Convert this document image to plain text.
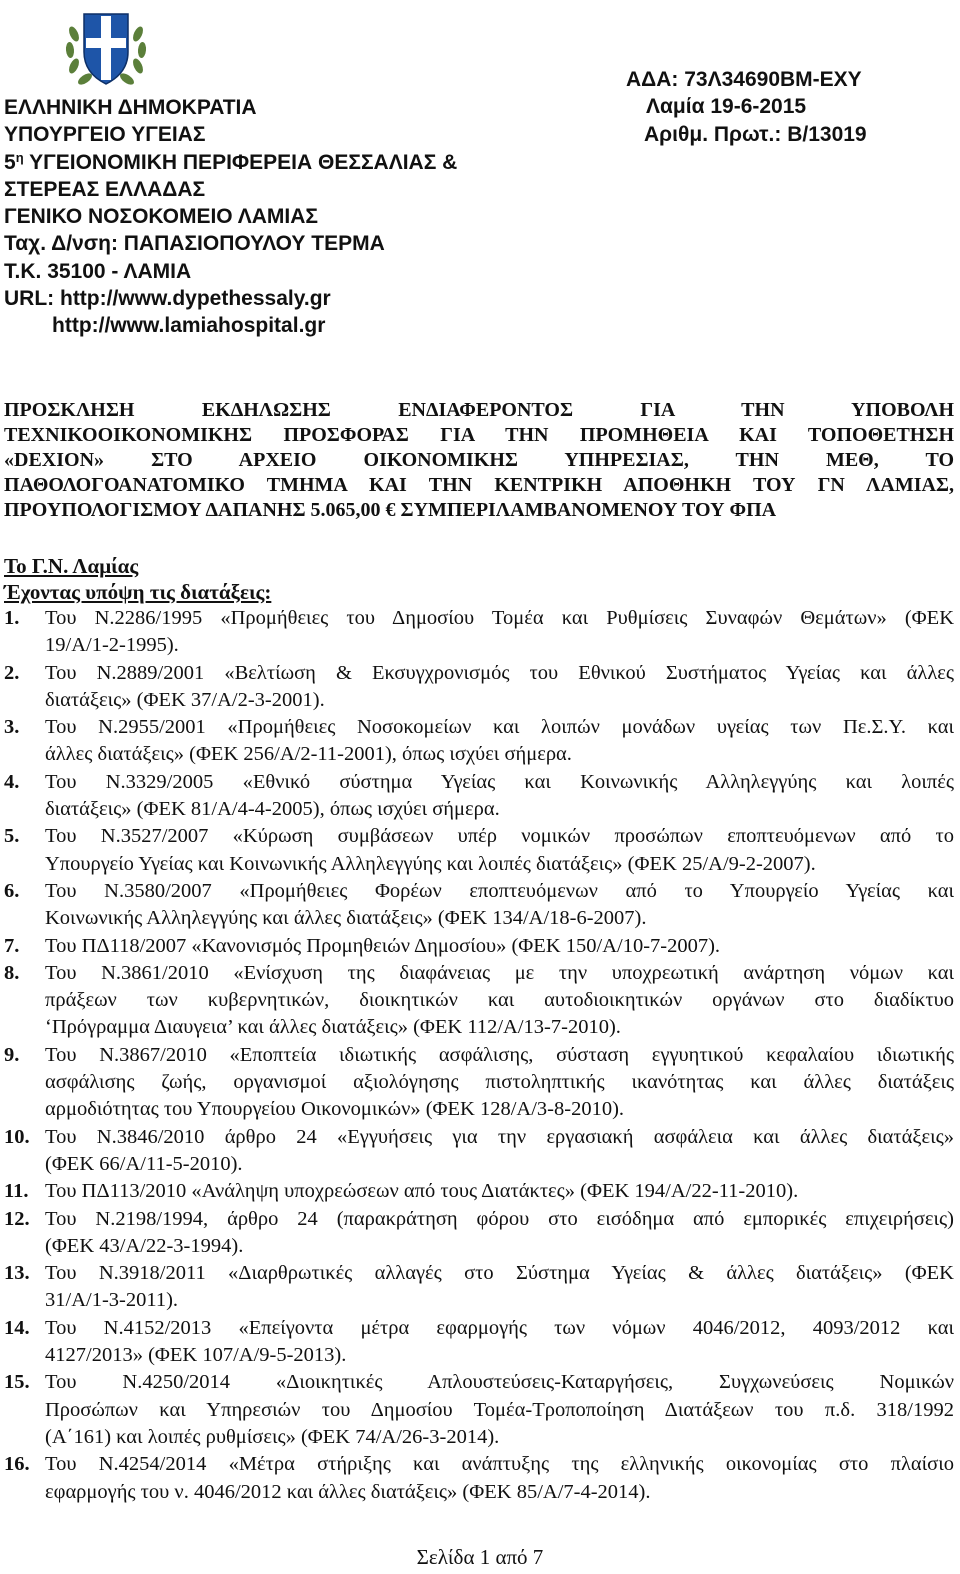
ΕΛΛΗΝΙΚΗ ΔΗΜΟΚΡΑΤΙΑ
ΥΠΟΥΡΓΕΙΟ ΥΓΕΙΑΣ
$5^\eta$ ΥΓΕΙΟΝΟΜΙΚΗ ΠΕΡΙΦΕΡΕΙΑ ΘΕΣΣΑΛΙΑΣ &
ΣΤΕΡΕΑΣ ΕΛΛΑΔΑΣ
ΓΕΝΙΚΟ ΝΟΣΟΚΟΜΕΙΟ ΛΑΜΙΑΣ
Ταχ. Δ/νση: ΠΑΠΑΣΙΟΠΟΥΛΟΥ ΤΕΡΜΑ
Τ.Κ. 35100 - ΛΑΜΙΑ
URL: http://www.dypethessaly.gr
http://www.lamiahospital.gr
ΑΔΑ: 73Λ34690ΒΜ-ΕΧΥ
Λαμία 19-6-2015
Αριθμ. Πρωτ.: Β/13019
ΠΡΟΣΚΛΗΣΗ ΕΚΔΗΛΩΣΗΣ ΕΝΔΙΑΦΕΡΟΝΤΟΣ ΓΙΑ ΤΗΝ ΥΠΟΒΟΛΗ
ΤΕΧΝΙΚΟΟΙΚΟΝΟΜΙΚΗΣ ΠΡΟΣΦΟΡΑΣ ΓΙΑ ΤΗΝ ΠΡΟΜΗΘΕΙΑ ΚΑΙ ΤΟΠΟΘΕΤΗΣΗ
«DEXION» ΣΤΟ ΑΡΧΕΙΟ ΟΙΚΟΝΟΜΙΚΗΣ ΥΠΗΡΕΣΙΑΣ, ΤΗΝ ΜΕΘ, ΤΟ
ΠΑΘΟΛΟΓΟΑΝΑΤΟΜΙΚΟ ΤΜΗΜΑ ΚΑΙ ΤΗΝ ΚΕΝΤΡΙΚΗ ΑΠΟΘΗΚΗ ΤΟΥ ΓΝ ΛΑΜΙΑΣ,
ΠΡΟΥΠΟΛΟΓΙΣΜΟΥ ΔΑΠΑΝΗΣ 5.065,00 € ΣΥΜΠΕΡΙΛΑΜΒΑΝΟΜΕΝΟΥ ΤΟΥ ΦΠΑ
Το Γ.Ν. Λαμίας
Έχοντας υπόψη τις διατάξεις:
1. Του Ν.2286/1995 «Προμήθειες του Δημοσίου Τομέα και Ρυθμίσεις Συναφών Θεμάτων» (ΦΕΚ
19/Α/1-2-1995).
2. Του Ν.2889/2001 «Βελτίωση & Εκσυγχρονισμός του Εθνικού Συστήματος Υγείας και άλλες
διατάξεις» (ΦΕΚ 37/Α/2-3-2001).
3. Του Ν.2955/2001 «Προμήθειες Νοσοκομείων και λοιπών μονάδων υγείας των Πε.Σ.Υ. και
άλλες διατάξεις» (ΦΕΚ 256/Α/2-11-2001), όπως ισχύει σήμερα.
4. Του Ν.3329/2005 «Εθνικό σύστημα Υγείας και Κοινωνικής Αλληλεγγύης και λοιπές
διατάξεις» (ΦΕΚ 81/Α/4-4-2005), όπως ισχύει σήμερα.
5. Του Ν.3527/2007 «Κύρωση συμβάσεων υπέρ νομικών προσώπων εποπτευόμενων από το
Υπουργείο Υγείας και Κοινωνικής Αλληλεγγύης και λοιπές διατάξεις» (ΦΕΚ 25/Α/9-2-2007).
6. Του Ν.3580/2007 «Προμήθειες Φορέων εποπτευόμενων από το Υπουργείο Υγείας και
Κοινωνικής Αλληλεγγύης και άλλες διατάξεις» (ΦΕΚ 134/Α/18-6-2007).
7. Του ΠΔ118/2007 «Κανονισμός Προμηθειών Δημοσίου» (ΦΕΚ 150/Α/10-7-2007).
8. Του Ν.3861/2010 «Ενίσχυση της διαφάνειας με την υποχρεωτική ανάρτηση νόμων και
πράξεων των κυβερνητικών, διοικητικών και αυτοδιοικητικών οργάνων στο διαδίκτυο
‘Πρόγραμμα Διαυγεια’ και άλλες διατάξεις» (ΦΕΚ 112/Α/13-7-2010).
9. Του Ν.3867/2010 «Εποπτεία ιδιωτικής ασφάλισης, σύσταση εγγυητικού κεφαλαίου ιδιωτικής
ασφάλισης ζωής, οργανισμοί αξιολόγησης πιστοληπτικής ικανότητας και άλλες διατάξεις
αρμοδιότητας του Υπουργείου Οικονομικών» (ΦΕΚ 128/Α/3-8-2010).
10. Του Ν.3846/2010 άρθρο 24 «Εγγυήσεις για την εργασιακή ασφάλεια και άλλες διατάξεις»
(ΦΕΚ 66/Α/11-5-2010).
11. Του ΠΔ113/2010 «Ανάληψη υποχρεώσεων από τους Διατάκτες» (ΦΕΚ 194/Α/22-11-2010).
12. Του Ν.2198/1994, άρθρο 24 (παρακράτηση φόρου στο εισόδημα από εμπορικές επιχειρήσεις)
(ΦΕΚ 43/Α/22-3-1994).
13. Του Ν.3918/2011 «Διαρθρωτικές αλλαγές στο Σύστημα Υγείας & άλλες διατάξεις» (ΦΕΚ
31/Α/1-3-2011).
14. Του Ν.4152/2013 «Επείγοντα μέτρα εφαρμογής των νόμων 4046/2012, 4093/2012 και
4127/2013» (ΦΕΚ 107/Α/9-5-2013).
15. Του Ν.4250/2014 «Διοικητικές Απλουστεύσεις-Καταργήσεις, Συγχωνεύσεις Νομικών
Προσώπων και Υπηρεσιών του Δημοσίου Τομέα-Τροποποίηση Διατάξεων του π.δ. 318/1992
(Α΄161) και λοιπές ρυθμίσεις» (ΦΕΚ 74/Α/26-3-2014).
16. Του Ν.4254/2014 «Μέτρα στήριξης και ανάπτυξης της ελληνικής οικονομίας στο πλαίσιο
εφαρμογής του ν. 4046/2012 και άλλες διατάξεις» (ΦΕΚ 85/Α/7-4-2014).
Σελίδα 1 από 7
